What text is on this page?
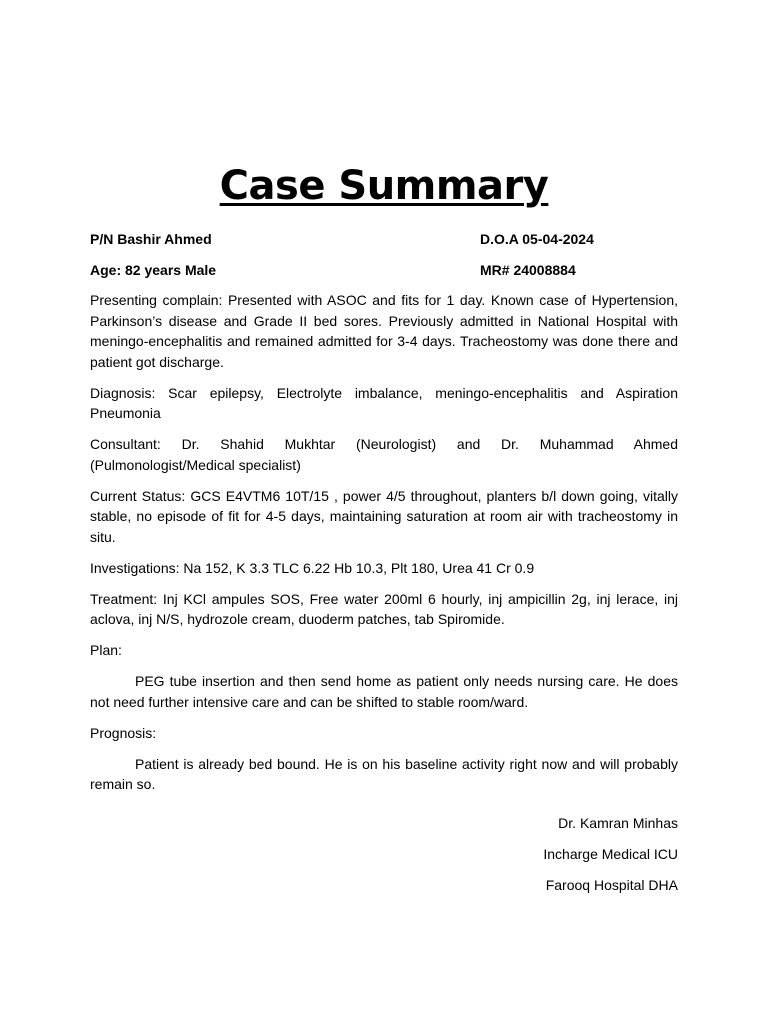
Case Summary
P/N Bashir Ahmed	D.O.A 05-04-2024
Age: 82 years Male	MR# 24008884

Presenting complain: Presented with ASOC and fits for 1 day. Known case of Hypertension, Parkinson’s disease and Grade II bed sores. Previously admitted in National Hospital with meningo-encephalitis and remained admitted for 3-4 days. Tracheostomy was done there and patient got discharge.

Diagnosis: Scar epilepsy, Electrolyte imbalance, meningo-encephalitis and Aspiration Pneumonia

Consultant: Dr. Shahid Mukhtar (Neurologist) and Dr. Muhammad Ahmed (Pulmonologist/Medical specialist)

Current Status: GCS E4VTM6 10T/15 , power 4/5 throughout, planters b/l down going, vitally stable, no episode of fit for 4-5 days, maintaining saturation at room air with tracheostomy in situ.

Investigations: Na 152, K 3.3 TLC 6.22 Hb 10.3, Plt 180, Urea 41 Cr 0.9

Treatment: Inj KCl ampules SOS, Free water 200ml 6 hourly, inj ampicillin 2g, inj lerace, inj aclova, inj N/S, hydrozole cream, duoderm patches, tab Spiromide.

Plan:

PEG tube insertion and then send home as patient only needs nursing care. He does not need further intensive care and can be shifted to stable room/ward.

Prognosis:

Patient is already bed bound. He is on his baseline activity right now and will probably remain so.

Dr. Kamran Minhas
Incharge Medical ICU
Farooq Hospital DHA
